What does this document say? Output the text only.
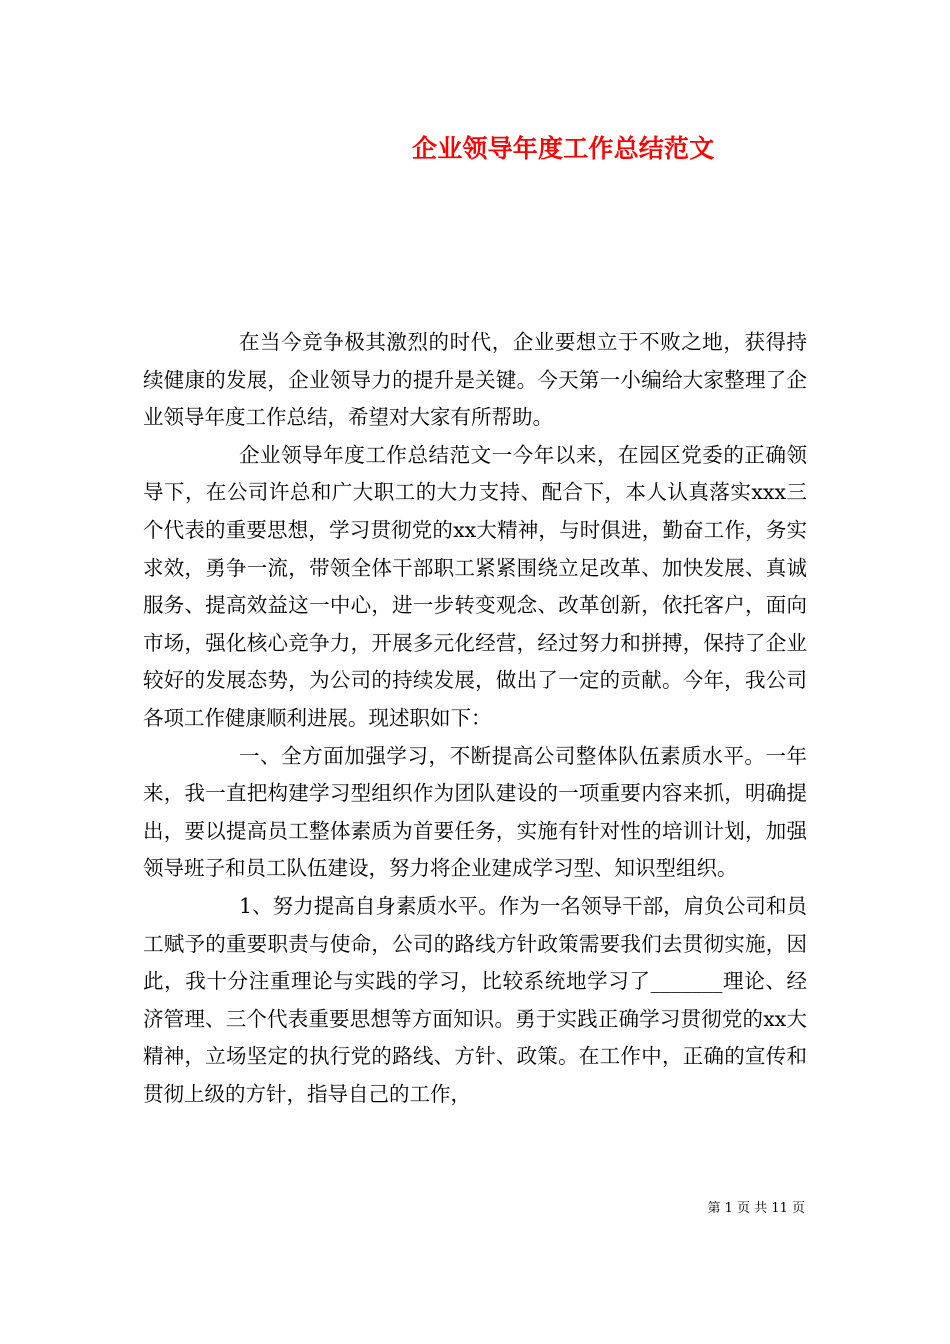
企业领导年度工作总结范文

在当今竞争极其激烈的时代，企业要想立于不败之地，获得持续健康的发展，企业领导力的提升是关键。今天第一小编给大家整理了企业领导年度工作总结，希望对大家有所帮助。

企业领导年度工作总结范文一今年以来，在园区党委的正确领导下，在公司许总和广大职工的大力支持、配合下，本人认真落实xxx三个代表的重要思想，学习贯彻党的xx大精神，与时俱进，勤奋工作，务实求效，勇争一流，带领全体干部职工紧紧围绕立足改革、加快发展、真诚服务、提高效益这一中心，进一步转变观念、改革创新，依托客户，面向市场，强化核心竞争力，开展多元化经营，经过努力和拼搏，保持了企业较好的发展态势，为公司的持续发展，做出了一定的贡献。今年，我公司各项工作健康顺利进展。现述职如下：

一、全方面加强学习，不断提高公司整体队伍素质水平。一年来，我一直把构建学习型组织作为团队建设的一项重要内容来抓，明确提出，要以提高员工整体素质为首要任务，实施有针对性的培训计划，加强领导班子和员工队伍建设，努力将企业建成学习型、知识型组织。

1、努力提高自身素质水平。作为一名领导干部，肩负公司和员工赋予的重要职责与使命，公司的路线方针政策需要我们去贯彻实施，因此，我十分注重理论与实践的学习，比较系统地学习了_______理论、经济管理、三个代表重要思想等方面知识。勇于实践正确学习贯彻党的xx大精神，立场坚定的执行党的路线、方针、政策。在工作中，正确的宣传和贯彻上级的方针，指导自己的工作，

第 1 页 共 11 页
